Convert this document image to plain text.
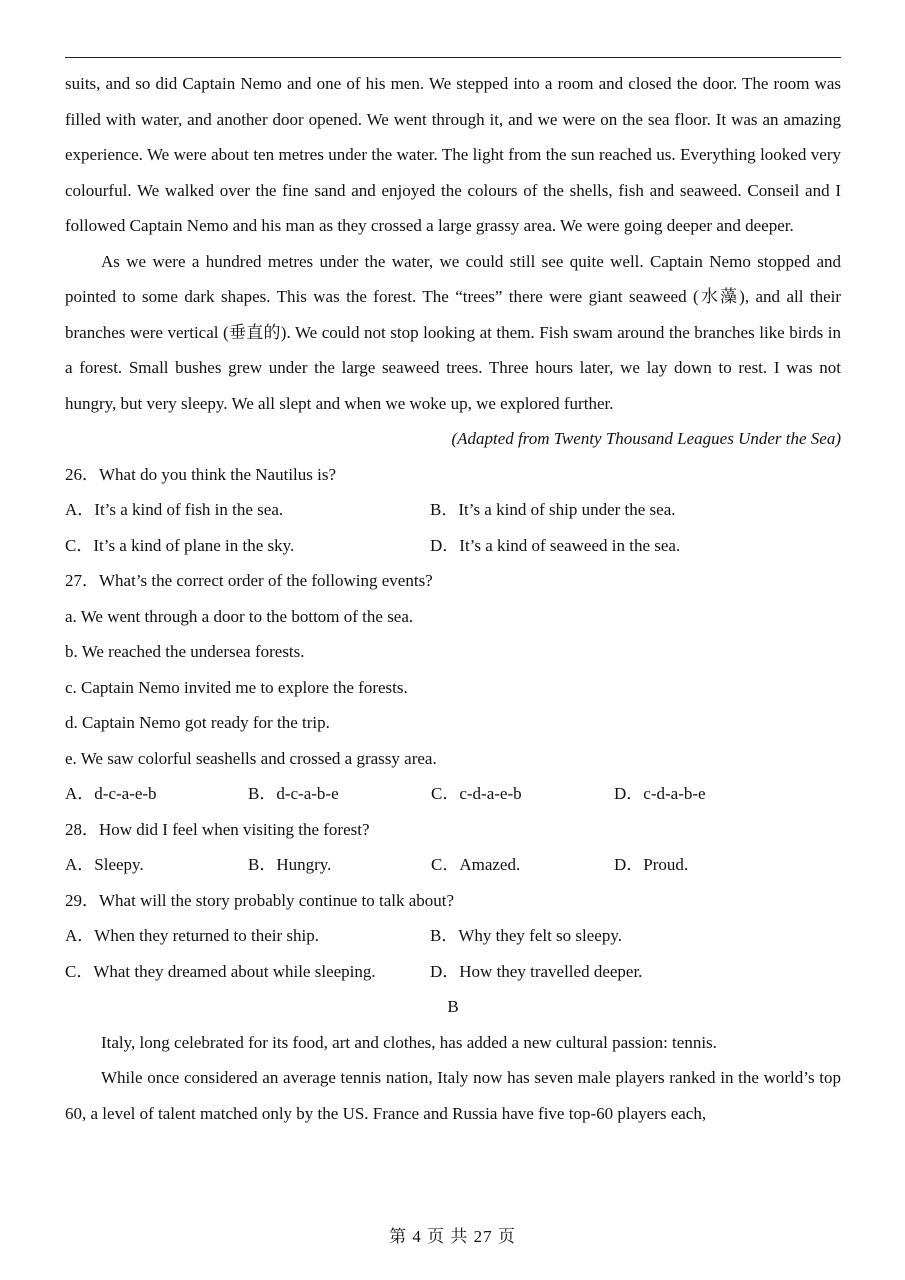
suits, and so did Captain Nemo and one of his men. We stepped into a room and closed the door. The room was filled with water, and another door opened. We went through it, and we were on the sea floor. It was an amazing experience. We were about ten metres under the water. The light from the sun reached us. Everything looked very colourful. We walked over the fine sand and enjoyed the colours of the shells, fish and seaweed. Conseil and I followed Captain Nemo and his man as they crossed a large grassy area. We were going deeper and deeper.

As we were a hundred metres under the water, we could still see quite well. Captain Nemo stopped and pointed to some dark shapes. This was the forest. The “trees” there were giant seaweed (水藻), and all their branches were vertical (垂直的). We could not stop looking at them. Fish swam around the branches like birds in a forest. Small bushes grew under the large seaweed trees. Three hours later, we lay down to rest. I was not hungry, but very sleepy. We all slept and when we woke up, we explored further.

(Adapted from Twenty Thousand Leagues Under the Sea)

26．What do you think the Nautilus is?

A．It’s a kind of fish in the sea.	B．It’s a kind of ship under the sea.
C．It’s a kind of plane in the sky.	D．It’s a kind of seaweed in the sea.

27．What’s the correct order of the following events?

a. We went through a door to the bottom of the sea.

b. We reached the undersea forests.

c. Captain Nemo invited me to explore the forests.

d. Captain Nemo got ready for the trip.

e. We saw colorful seashells and crossed a grassy area.

A．d-c-a-e-b	B．d-c-a-b-e	C．c-d-a-e-b	D．c-d-a-b-e

28．How did I feel when visiting the forest?

A．Sleepy.	B．Hungry.	C．Amazed.	D．Proud.

29．What will the story probably continue to talk about?

A．When they returned to their ship.	B．Why they felt so sleepy.
C．What they dreamed about while sleeping.	D．How they travelled deeper.

B

Italy, long celebrated for its food, art and clothes, has added a new cultural passion: tennis.

While once considered an average tennis nation, Italy now has seven male players ranked in the world’s top 60, a level of talent matched only by the US. France and Russia have five top-60 players each,

第 4 页 共 27 页
